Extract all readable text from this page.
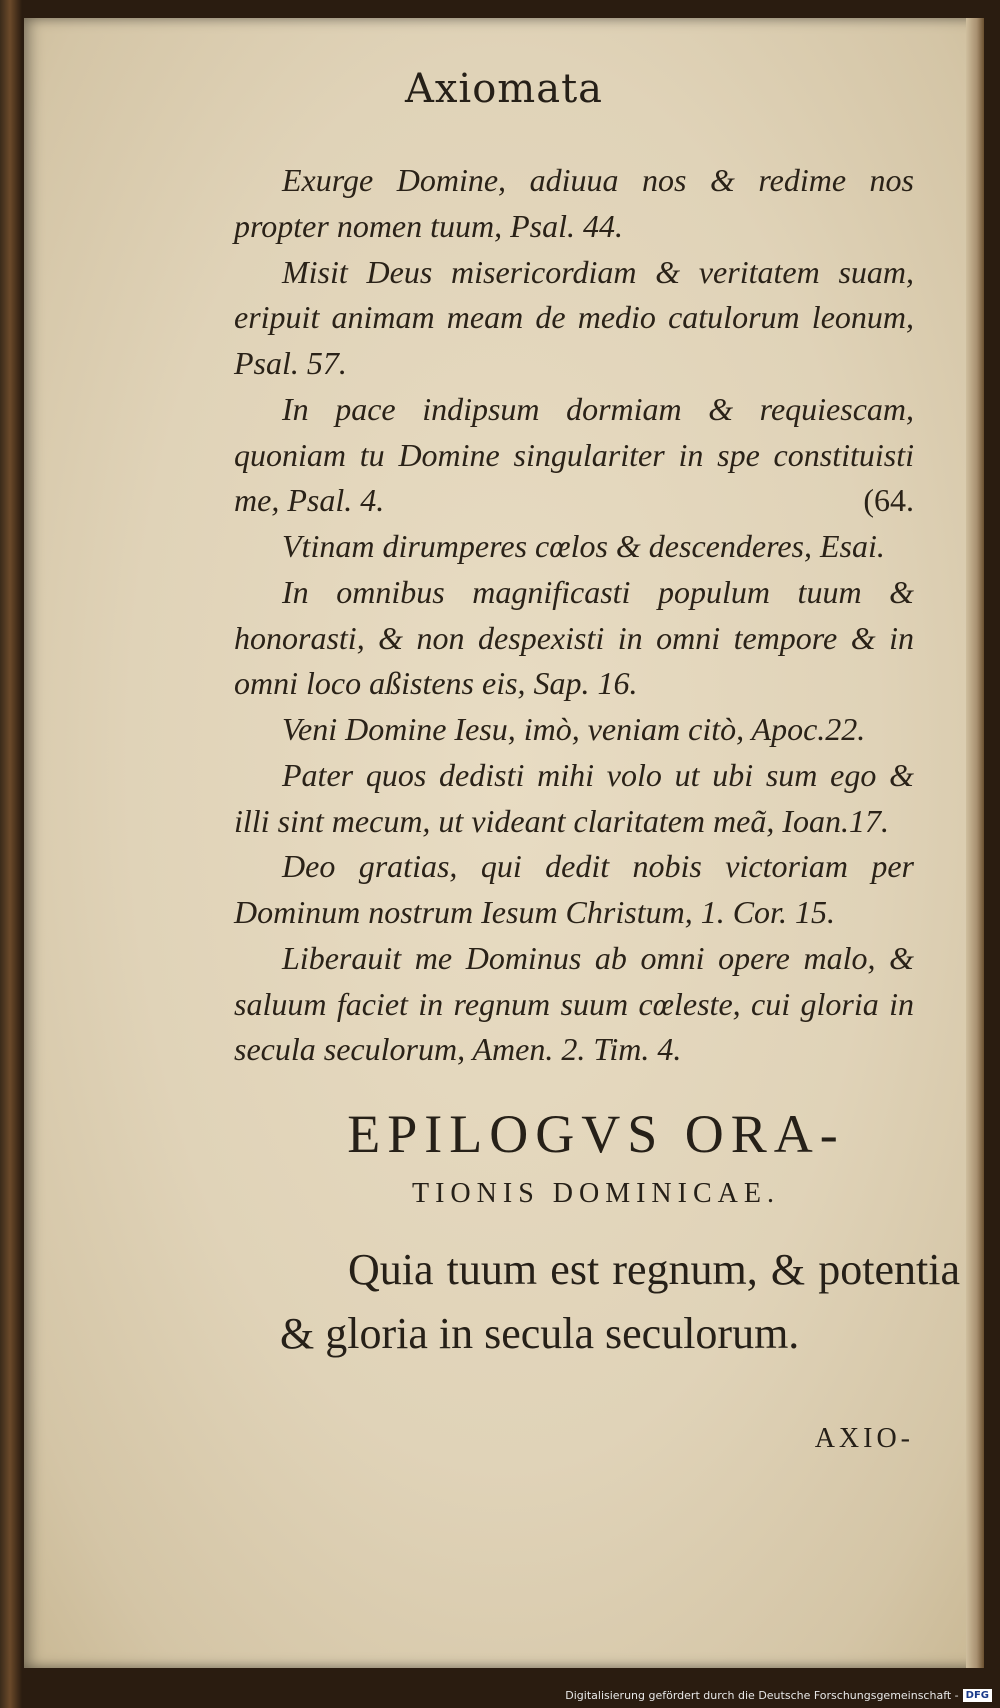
Axiomata

Exurge Domine, adiuua nos & redime nos propter nomen tuum, Psal. 44.

Misit Deus misericordiam & veritatem suam, eripuit animam meam de medio catulorum leonum, Psal. 57.

In pace indipsum dormiam & requiescam, quoniam tu Domine singulariter in spe constituisti me, Psal. 4.	(64.

Vtinam dirumperes cœlos & descenderes, Esai.

In omnibus magnificasti populum tuum & honorasti, & non despexisti in omni tempore & in omni loco aßistens eis, Sap. 16.

Veni Domine Iesu, imò, veniam citò, Apoc.22.

Pater quos dedisti mihi volo ut ubi sum ego & illi sint mecum, ut videant claritatem meã, Ioan.17.

Deo gratias, qui dedit nobis victoriam per Dominum nostrum Iesum Christum, 1. Cor. 15.

Liberauit me Dominus ab omni opere malo, & saluum faciet in regnum suum cœleste, cui gloria in secula seculorum, Amen. 2. Tim. 4.

EPILOGVS ORA-
TIONIS DOMINICAE.
Quia tuum est regnum, & potentia & gloria in secula seculorum.
AXIO-
Digitalisierung gefördert durch die Deutsche Forschungsgemeinschaft - DFG
